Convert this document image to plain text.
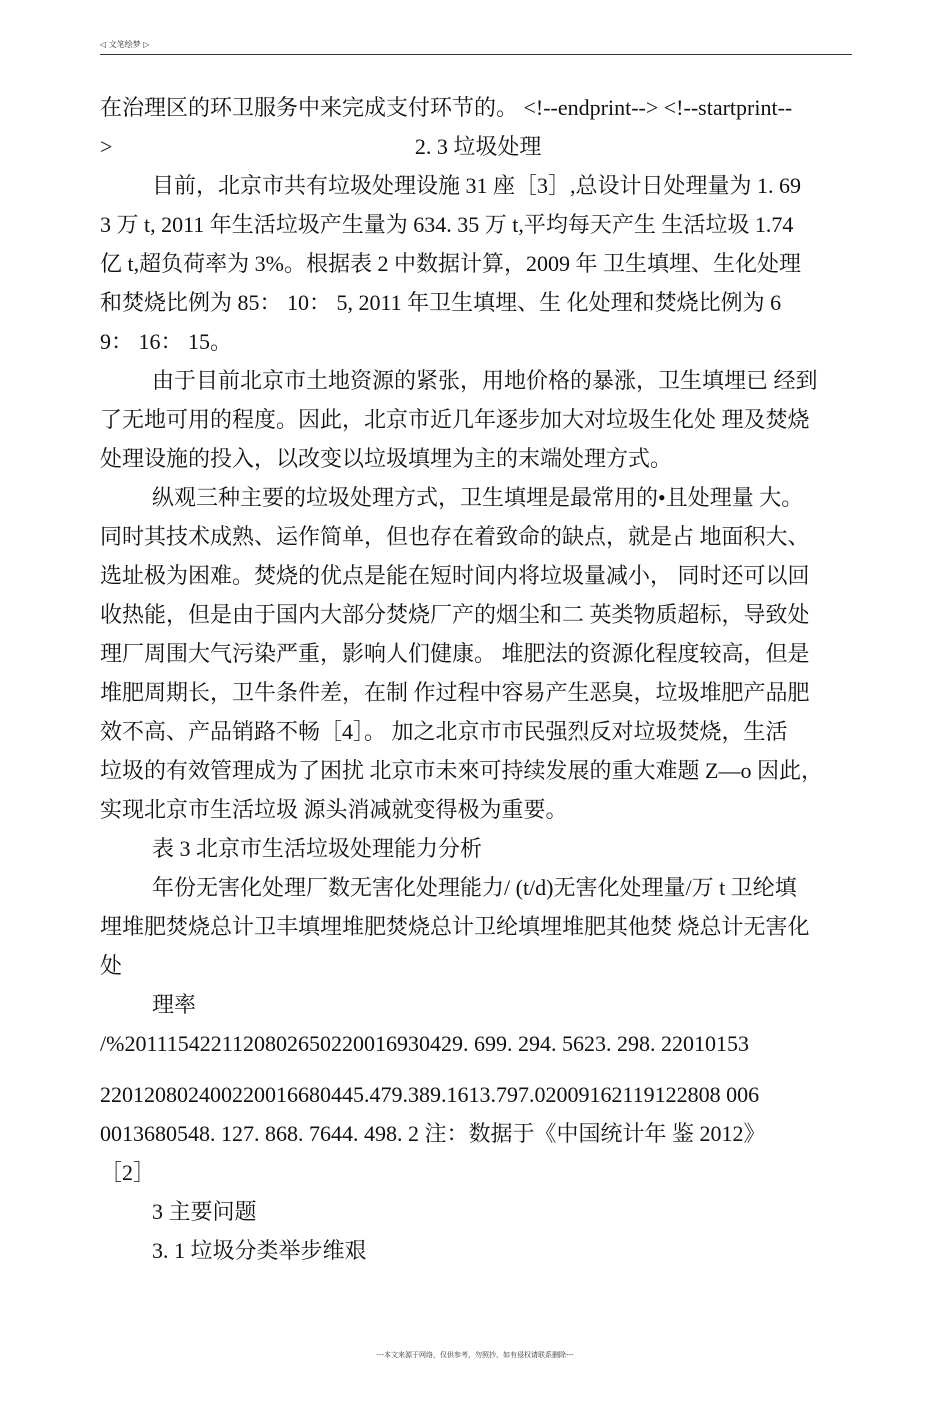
◁ 文笔绘梦 ▷
在治理区的环卫服务中来完成支付环节的。 <!--endprint--> <!--startprint--
>                                                       2. 3 垃圾处理
目前，北京市共有垃圾处理设施 31 座［3］,总设计日处理量为 1. 69
3 万 t, 2011 年生活垃圾产生量为 634. 35 万 t,平均每天产生 生活垃圾 1.74
亿 t,超负荷率为 3%。根据表 2 中数据计算，2009 年 卫生填埋、生化处理
和焚烧比例为 85： 10： 5, 2011 年卫生填埋、生 化处理和焚烧比例为 6
9： 16： 15。
由于目前北京市土地资源的紧张，用地价格的暴涨，卫生填埋已 经到
了无地可用的程度。因此，北京市近几年逐步加大对垃圾生化处 理及焚烧
处理设施的投入，以改变以垃圾填埋为主的末端处理方式。
纵观三种主要的垃圾处理方式，卫生填埋是最常用的•且处理量 大。
同时其技术成熟、运作简单，但也存在着致命的缺点，就是占 地面积大、
选址极为困难。焚烧的优点是能在短时间内将垃圾量减小， 同时还可以回
收热能，但是由于国内大部分焚烧厂产的烟尘和二 英类物质超标，导致处
理厂周围大气污染严重，影响人们健康。 堆肥法的资源化程度较高，但是
堆肥周期长，卫牛条件差，在制 作过程中容易产生恶臭，垃圾堆肥产品肥
效不高、产品销路不畅［4］。 加之北京市市民强烈反对垃圾焚烧，生活
垃圾的有效管理成为了困扰 北京市未來可持续发展的重大难题 Z—o 因此，
实现北京市生活垃圾 源头消减就变得极为重要。
表 3 北京市生活垃圾处理能力分析
年份无害化处理厂数无害化处理能力/ (t/d)无害化处理量/万 t 卫纶填
埋堆肥焚烧总计卫丰填埋堆肥焚烧总计卫纶填埋堆肥其他焚 烧总计无害化
处
理率
/%20111542211208026502200169304​29. 699. 294. 5623. 298. 22010153
2201208024002200166804​45.479.389.1613.797.02009162119122808 006
0013680548. 127. 868. 7644. 498. 2 注：数据于《中国统计年 鉴 2012》
［2］
3 主要问题
3. 1 垃圾分类举步维艰
---本文来源于网络，仅供参考，勿照抄，如有侵权请联系删除---
